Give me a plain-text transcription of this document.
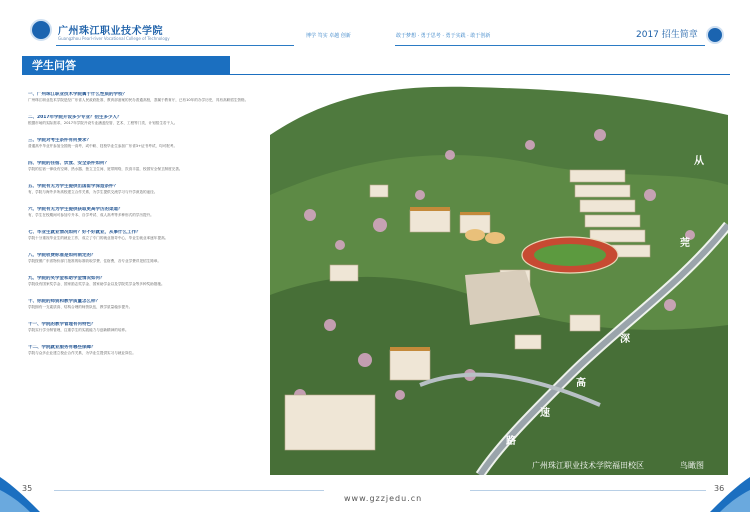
广州珠江职业技术学院
Guangzhou Pearl-river Vocational College of Technology	博学 笃实 卓越 创新	敢于梦想 · 勇于思考 · 勇于实践 · 敢于创新	2017 招生简章
学生问答
一、广州珠江职业技术学院属于什么性质的学校？
广州珠江职业技术学院是经广东省人民政府批准、教育部备案的民办普通高校，隶属于教育厅，已有10年的办学历史，具有高职招生资格。
二、2017年学院开设多少专业？招生多少人？
根据市场的实际需求，2017年学院开设专业涵盖经管、艺术、工程等门类，计划招生若干人。
三、学院对考生条件有何要求？
普通高中毕业并参加全国统一高考，或中职、技校毕业生参加广东省3+证书考试，均可报考。
四、学院的住宿、饮食、安全条件如何？
学院的住宿一律设有空调、热水器、独立卫生间、宽带网络，饮食丰富，校园安全保卫制度完善。
五、学院有无为学生提供出国留学深造条件？
有，学院与海外多所高校建立合作关系，为学生提供交流学习与升学深造的途径。
六、学院有无为学生提供获取更高学历的渠道？
有，学生在校期间可参加专升本、自学考试、成人高考等多种形式的学历提升。
七、毕业生就业情况如何？好不好就业，从事什么工作？
学院十分重视毕业生的就业工作，成立了专门的就业指导中心，毕业生就业率逐年提高。
八、学院收费标准是如何制定的？
学院按照广东省物价部门批准的标准收取学费、住宿费，各专业学费详见招生简章。
九、学院的奖学金和助学金情况如何？
学院设有国家奖学金、国家励志奖学金、国家助学金以及学院奖学金等多种奖助措施。
十、你院的师资和教学质量怎么样？
学院拥有一支素质高、结构合理的师资队伍，教学质量稳步提升。
十一、学院的教学管理有何特色？
学院实行学分制管理，注重学生的实践能力与创新精神的培养。
十二、学院就业服务有哪些保障？
学院与众多企业建立校企合作关系，为毕业生提供实习与就业岗位。
从
莞
深
高
速
路
广州珠江职业技术学院福田校区	鸟瞰图
35
www.gzzjedu.cn
36
